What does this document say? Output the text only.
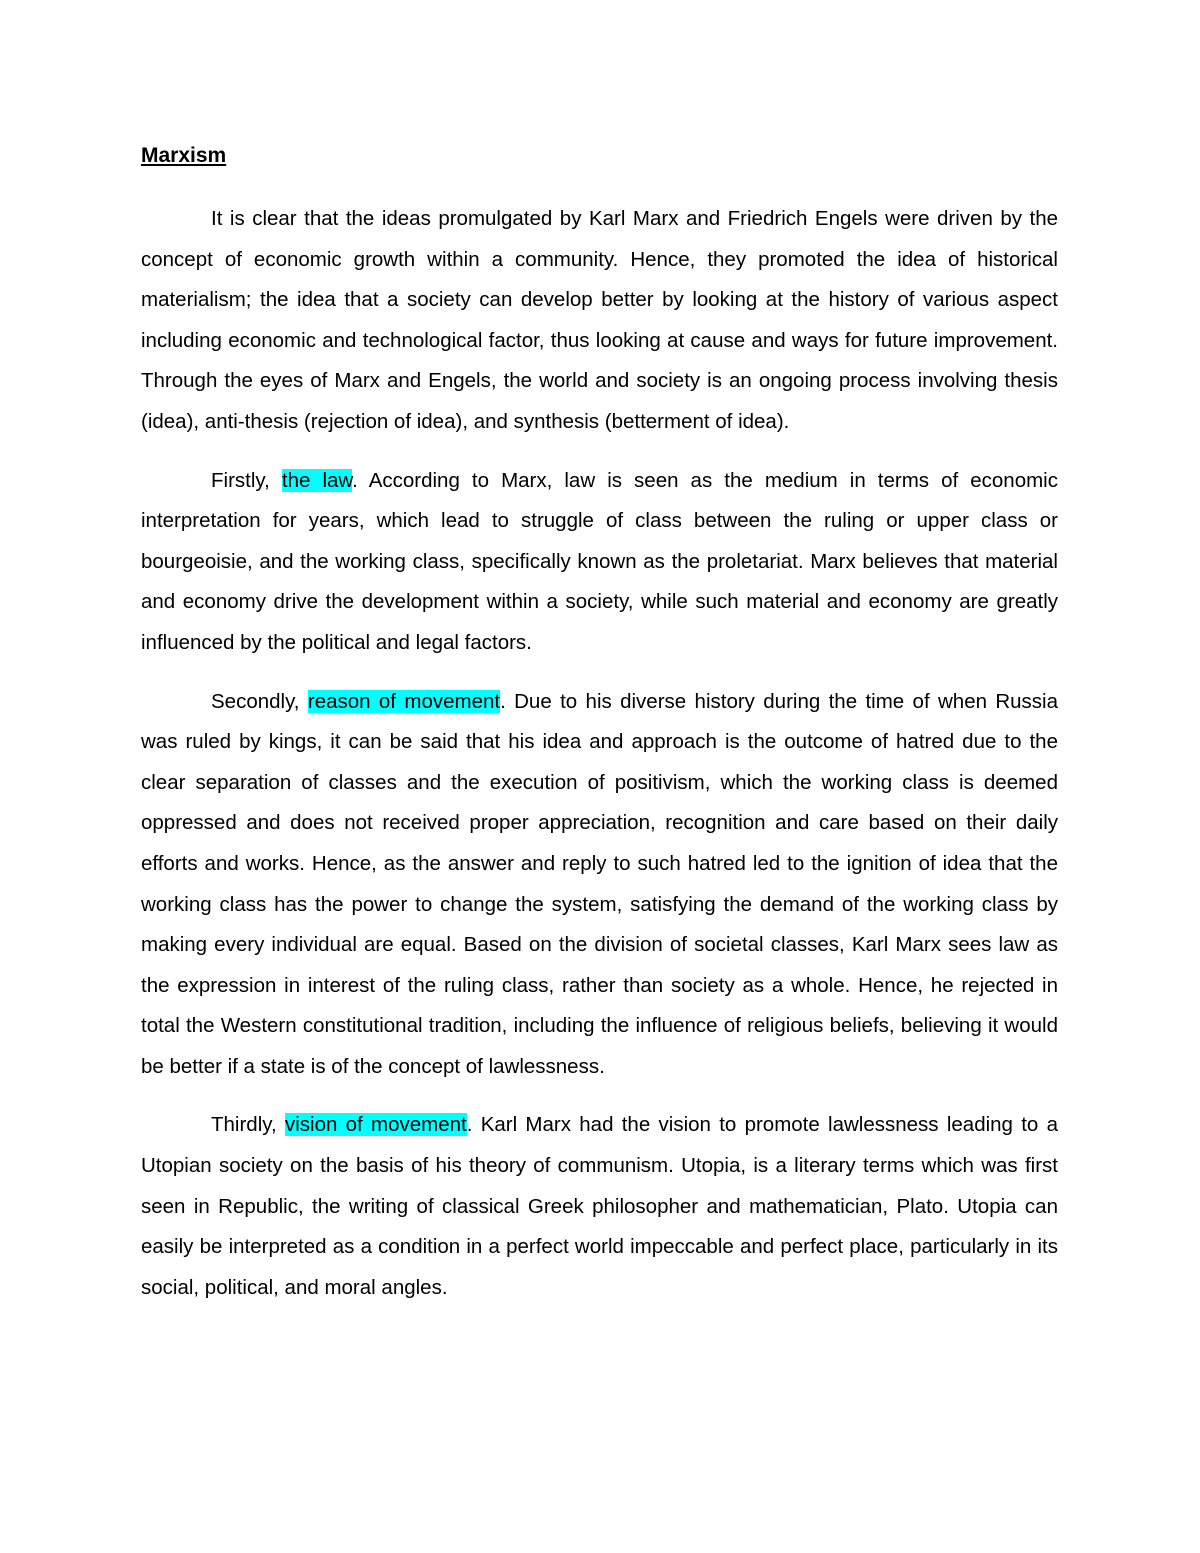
Marxism

It is clear that the ideas promulgated by Karl Marx and Friedrich Engels were driven by the concept of economic growth within a community. Hence, they promoted the idea of historical materialism; the idea that a society can develop better by looking at the history of various aspect including economic and technological factor, thus looking at cause and ways for future improvement. Through the eyes of Marx and Engels, the world and society is an ongoing process involving thesis (idea), anti-thesis (rejection of idea), and synthesis (betterment of idea).

Firstly, the law. According to Marx, law is seen as the medium in terms of economic interpretation for years, which lead to struggle of class between the ruling or upper class or bourgeoisie, and the working class, specifically known as the proletariat. Marx believes that material and economy drive the development within a society, while such material and economy are greatly influenced by the political and legal factors.

Secondly, reason of movement. Due to his diverse history during the time of when Russia was ruled by kings, it can be said that his idea and approach is the outcome of hatred due to the clear separation of classes and the execution of positivism, which the working class is deemed oppressed and does not received proper appreciation, recognition and care based on their daily efforts and works. Hence, as the answer and reply to such hatred led to the ignition of idea that the working class has the power to change the system, satisfying the demand of the working class by making every individual are equal. Based on the division of societal classes, Karl Marx sees law as the expression in interest of the ruling class, rather than society as a whole. Hence, he rejected in total the Western constitutional tradition, including the influence of religious beliefs, believing it would be better if a state is of the concept of lawlessness.

Thirdly, vision of movement. Karl Marx had the vision to promote lawlessness leading to a Utopian society on the basis of his theory of communism. Utopia, is a literary terms which was first seen in Republic, the writing of classical Greek philosopher and mathematician, Plato. Utopia can easily be interpreted as a condition in a perfect world impeccable and perfect place, particularly in its social, political, and moral angles.
